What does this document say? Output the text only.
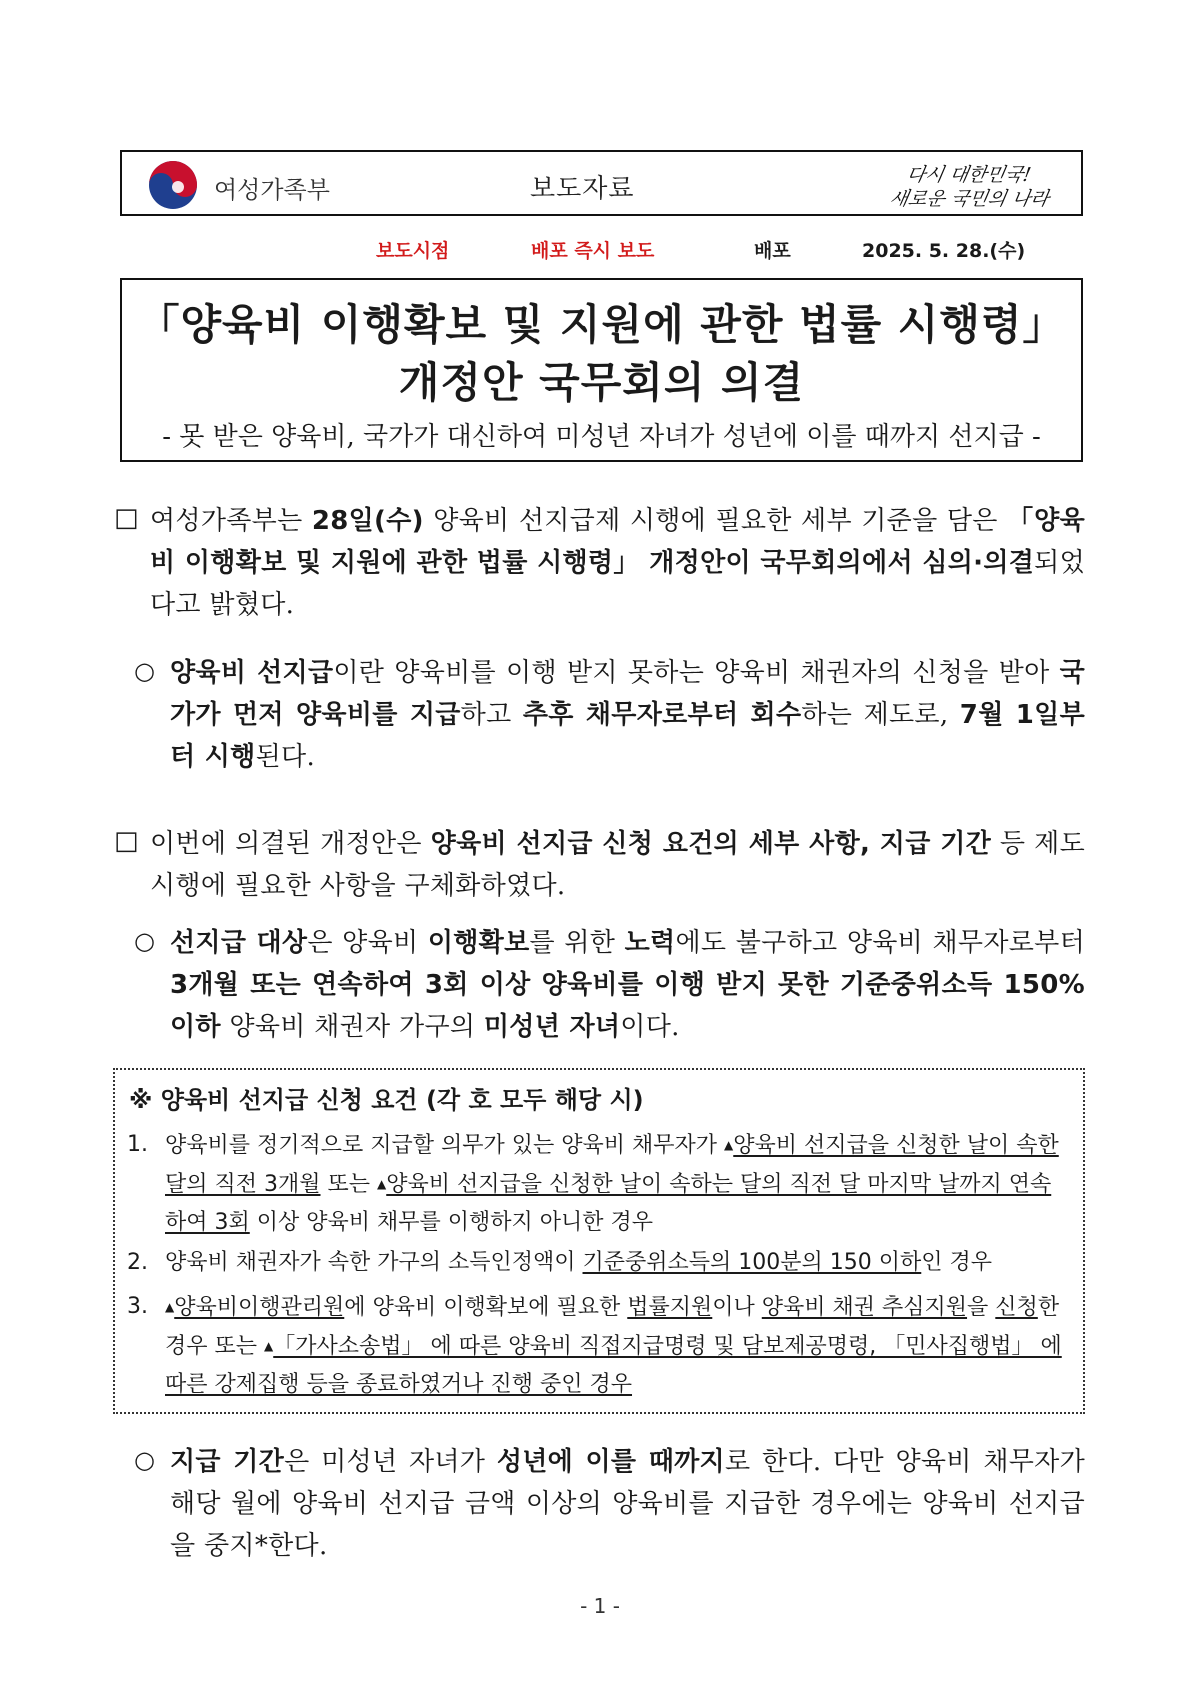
여성가족부	보도자료	다시 대한민국!
새로운 국민의 나라
보도시점	배포 즉시 보도	배포	2025. 5. 28.(수)
「양육비 이행확보 및 지원에 관한 법률 시행령」
개정안 국무회의 의결
- 못 받은 양육비, 국가가 대신하여 미성년 자녀가 성년에 이를 때까지 선지급 -
□ 여성가족부는 28일(수) 양육비 선지급제 시행에 필요한 세부 기준을 담은 「양육비 이행확보 및 지원에 관한 법률 시행령」 개정안이 국무회의에서 심의·의결되었다고 밝혔다.
○ 양육비 선지급이란 양육비를 이행 받지 못하는 양육비 채권자의 신청을 받아 국가가 먼저 양육비를 지급하고 추후 채무자로부터 회수하는 제도로, 7월 1일부터 시행된다.
□ 이번에 의결된 개정안은 양육비 선지급 신청 요건의 세부 사항, 지급 기간 등 제도 시행에 필요한 사항을 구체화하였다.
○ 선지급 대상은 양육비 이행확보를 위한 노력에도 불구하고 양육비 채무자로부터 3개월 또는 연속하여 3회 이상 양육비를 이행 받지 못한 기준중위소득 150% 이하 양육비 채권자 가구의 미성년 자녀이다.
※ 양육비 선지급 신청 요건 (각 호 모두 해당 시)
1. 양육비를 정기적으로 지급할 의무가 있는 양육비 채무자가 ▲양육비 선지급을 신청한 날이 속한 달의 직전 3개월 또는 ▲양육비 선지급을 신청한 날이 속하는 달의 직전 달 마지막 날까지 연속하여 3회 이상 양육비 채무를 이행하지 아니한 경우
2. 양육비 채권자가 속한 가구의 소득인정액이 기준중위소득의 100분의 150 이하인 경우
3. ▲양육비이행관리원에 양육비 이행확보에 필요한 법률지원이나 양육비 채권 추심지원을 신청한 경우 또는 ▲「가사소송법」 에 따른 양육비 직접지급명령 및 담보제공명령, 「민사집행법」 에 따른 강제집행 등을 종료하였거나 진행 중인 경우
○ 지급 기간은 미성년 자녀가 성년에 이를 때까지로 한다. 다만 양육비 채무자가 해당 월에 양육비 선지급 금액 이상의 양육비를 지급한 경우에는 양육비 선지급을 중지*한다.
- 1 -
